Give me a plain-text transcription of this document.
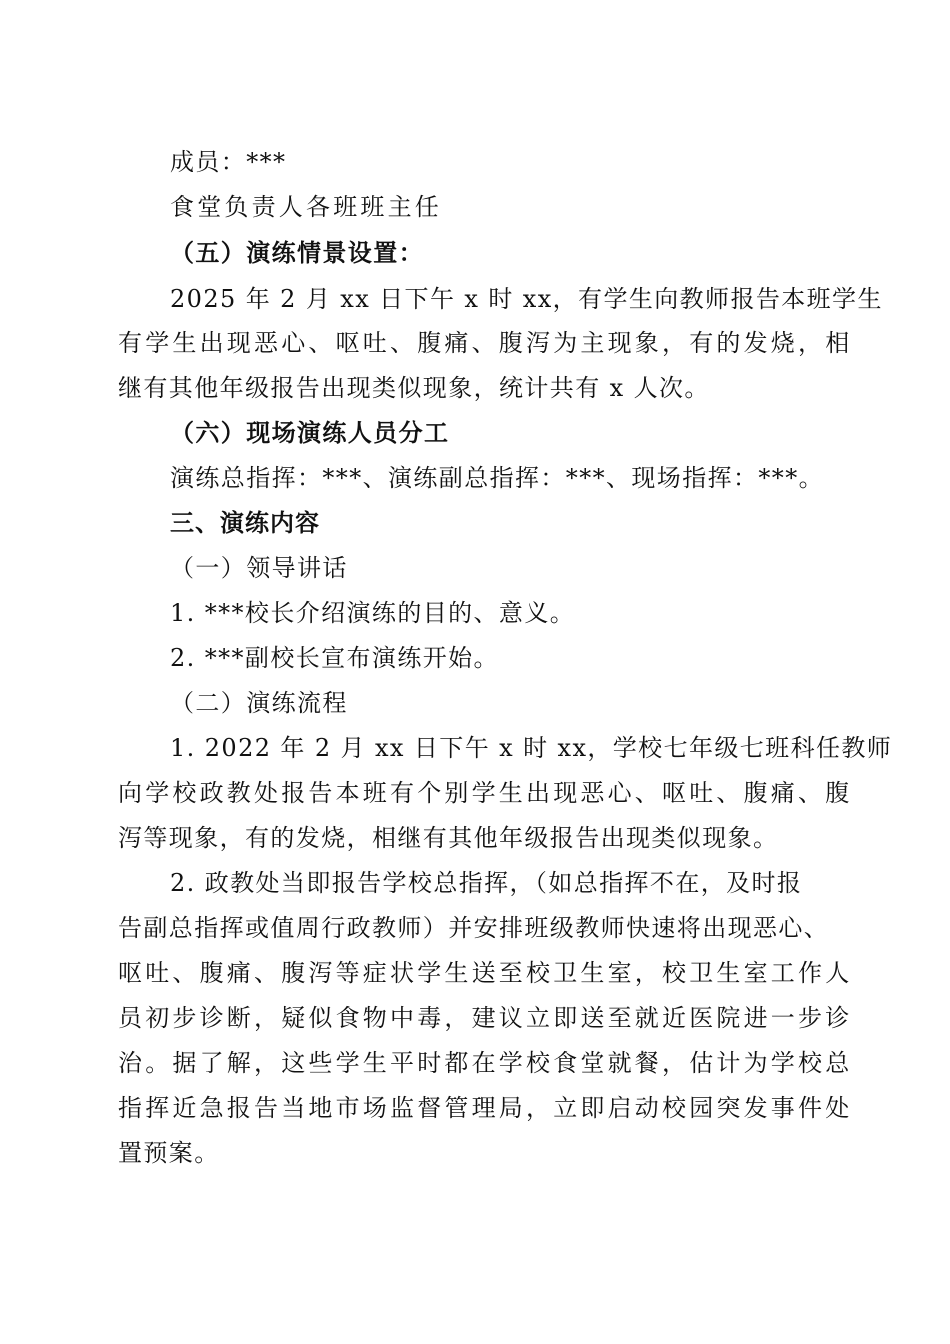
成员：***
食堂负责人各班班主任
（五）演练情景设置：
2025 年 2 月 xx 日下午 x 时 xx，有学生向教师报告本班学生
有学生出现恶心、呕吐、腹痛、腹泻为主现象，有的发烧，相
继有其他年级报告出现类似现象，统计共有 x 人次。
（六）现场演练人员分工
演练总指挥：***、演练副总指挥：***、现场指挥：***。
三、演练内容
（一）领导讲话
1. ***校长介绍演练的目的、意义。
2. ***副校长宣布演练开始。
（二）演练流程
1. 2022 年 2 月 xx 日下午 x 时 xx，学校七年级七班科任教师
向学校政教处报告本班有个别学生出现恶心、呕吐、腹痛、腹
泻等现象，有的发烧，相继有其他年级报告出现类似现象。
2. 政教处当即报告学校总指挥，（如总指挥不在，及时报
告副总指挥或值周行政教师）并安排班级教师快速将出现恶心、
呕吐、腹痛、腹泻等症状学生送至校卫生室，校卫生室工作人
员初步诊断，疑似食物中毒，建议立即送至就近医院进一步诊
治。据了解，这些学生平时都在学校食堂就餐，估计为学校总
指挥近急报告当地市场监督管理局，立即启动校园突发事件处
置预案。
